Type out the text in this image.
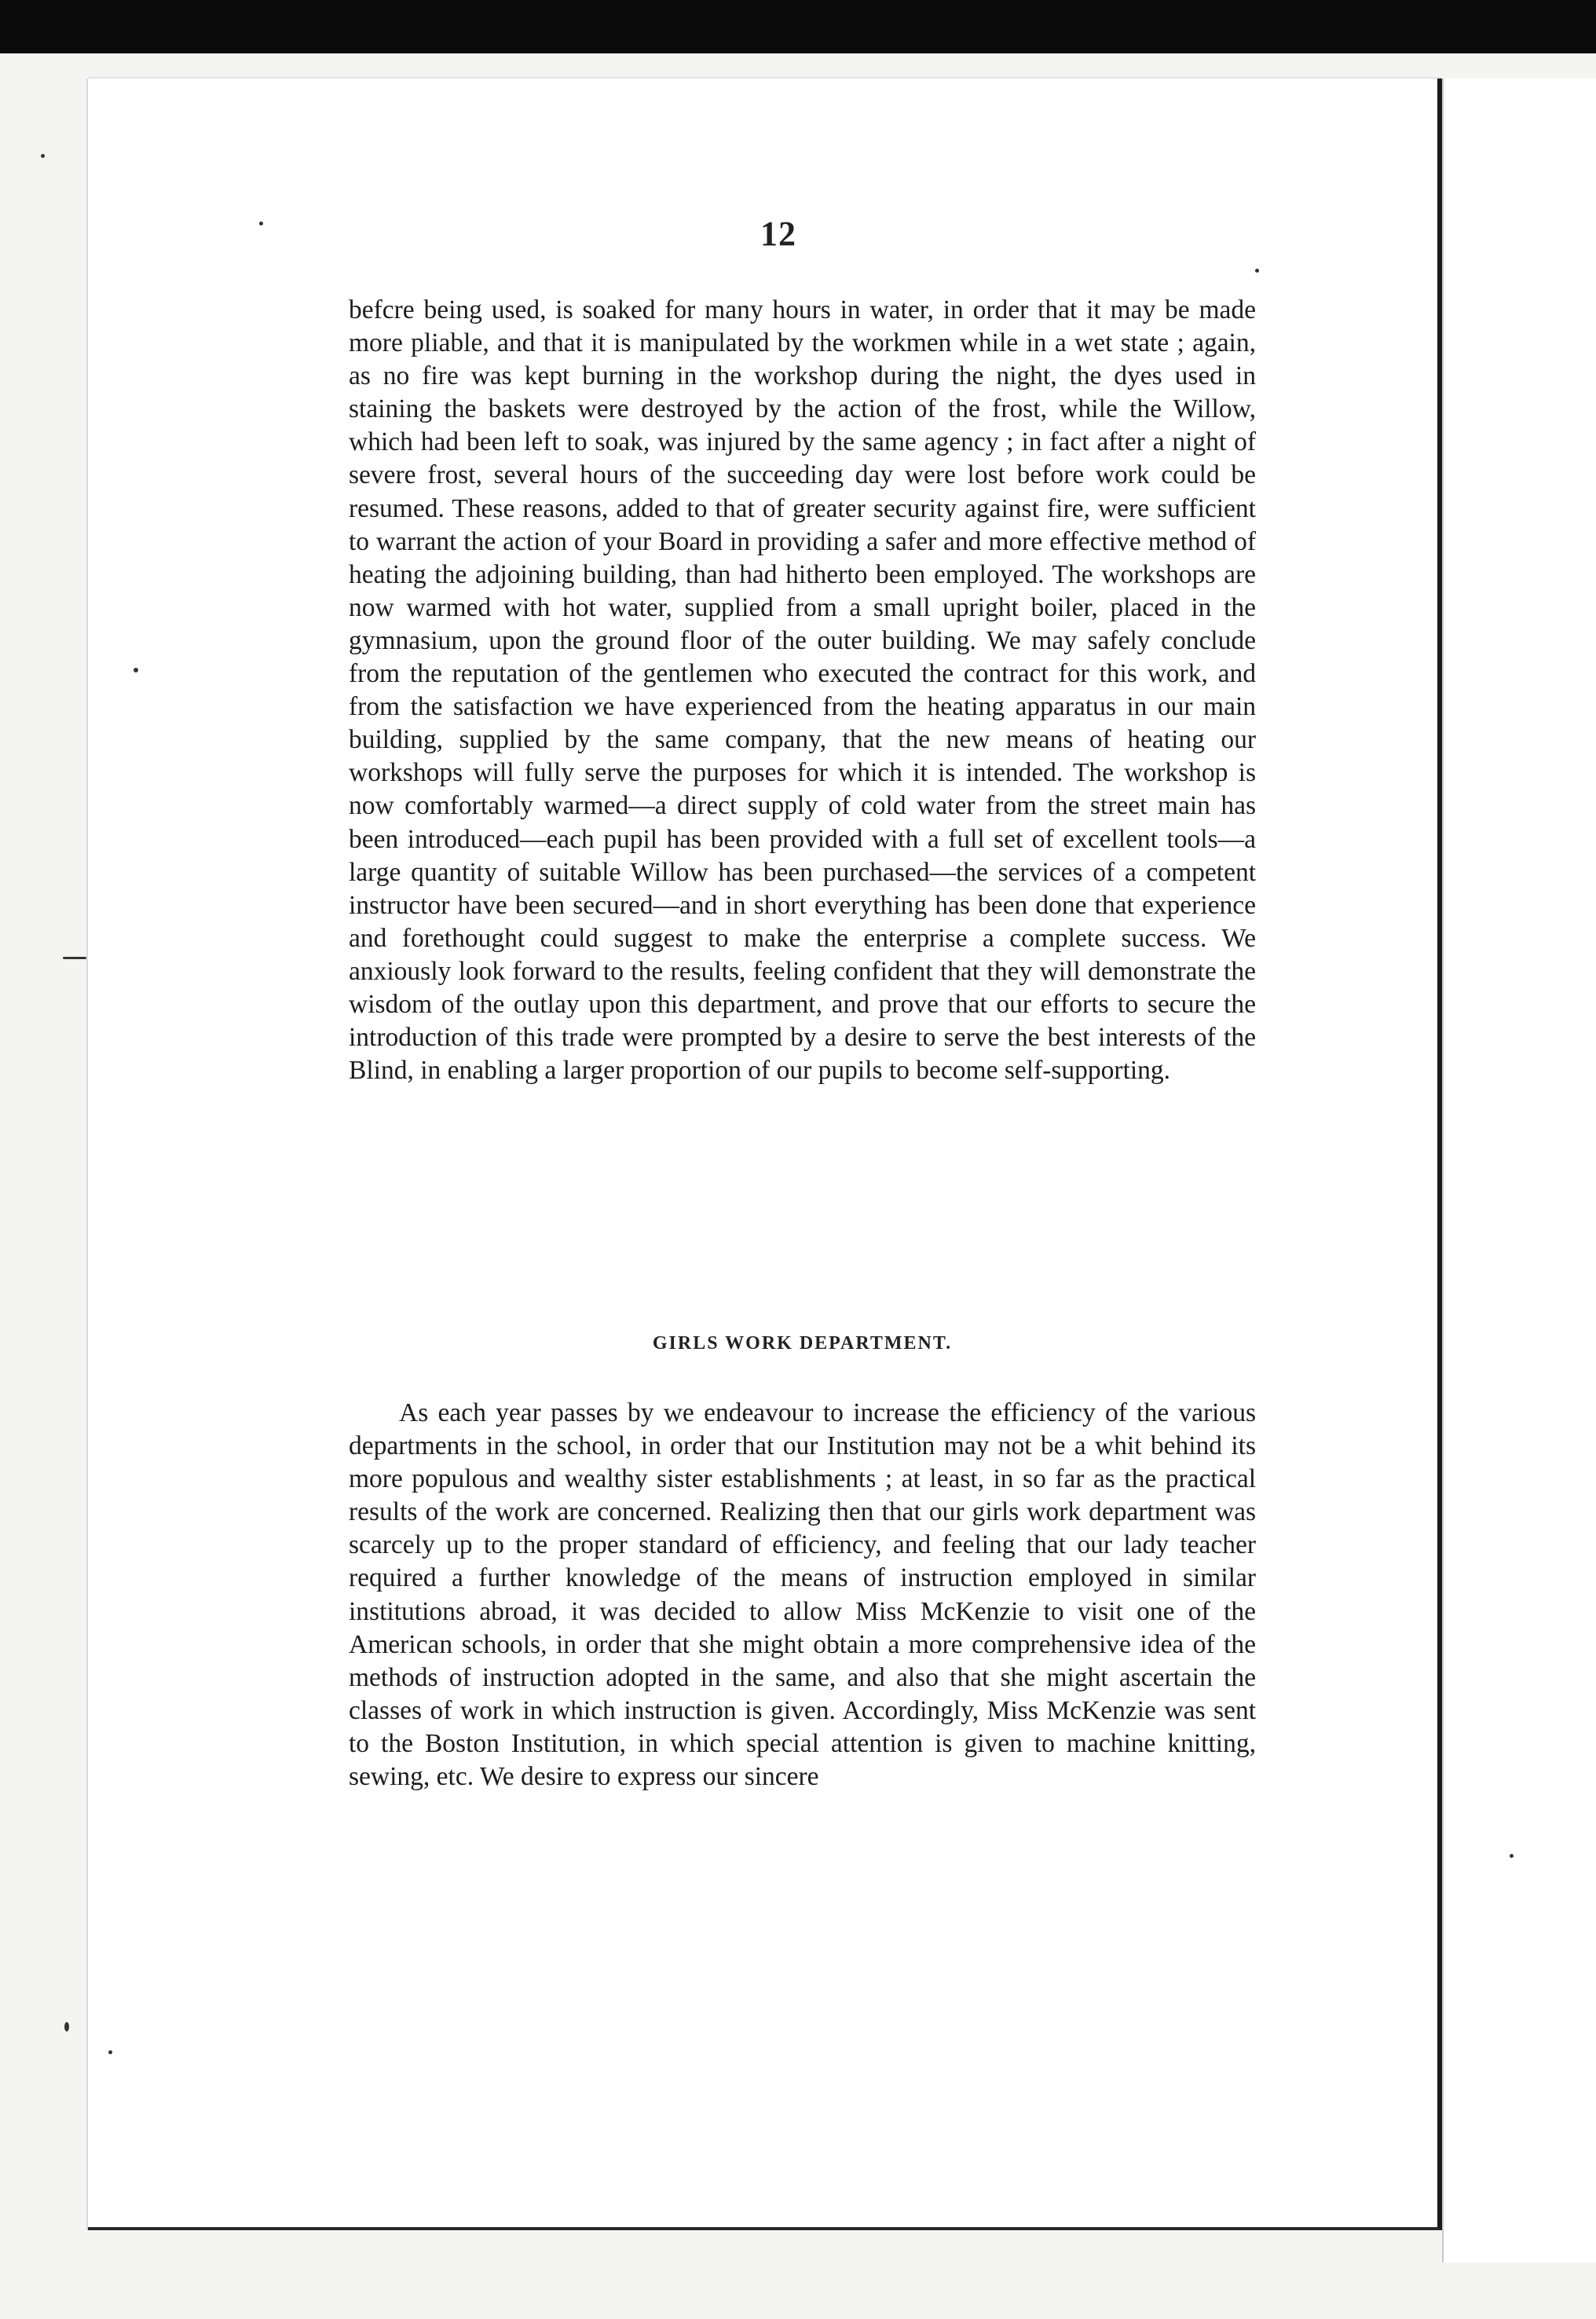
12

befcre being used, is soaked for many hours in water, in order that it may be made more pliable, and that it is manipulated by the workmen while in a wet state ; again, as no fire was kept burning in the workshop during the night, the dyes used in staining the baskets were destroyed by the action of the frost, while the Willow, which had been left to soak, was injured by the same agency ; in fact after a night of severe frost, several hours of the succeeding day were lost before work could be resumed. These reasons, added to that of greater security against fire, were sufficient to warrant the action of your Board in providing a safer and more effective method of heating the adjoining building, than had hitherto been employed. The workshops are now warmed with hot water, supplied from a small upright boiler, placed in the gymnasium, upon the ground floor of the outer building. We may safely conclude from the reputation of the gentlemen who executed the contract for this work, and from the satisfaction we have experienced from the heating apparatus in our main building, supplied by the same company, that the new means of heating our workshops will fully serve the purposes for which it is intended. The workshop is now comfortably warmed—a direct supply of cold water from the street main has been introduced—each pupil has been provided with a full set of excellent tools—a large quantity of suitable Willow has been purchased—the services of a competent instructor have been secured—and in short everything has been done that experience and forethought could suggest to make the enterprise a complete success. We anxiously look forward to the results, feeling confident that they will demonstrate the wisdom of the outlay upon this department, and prove that our efforts to secure the introduction of this trade were prompted by a desire to serve the best interests of the Blind, in enabling a larger proportion of our pupils to become self-supporting.

GIRLS WORK DEPARTMENT.

As each year passes by we endeavour to increase the efficiency of the various departments in the school, in order that our Institution may not be a whit behind its more populous and wealthy sister establishments ; at least, in so far as the practical results of the work are concerned. Realizing then that our girls work department was scarcely up to the proper standard of efficiency, and feeling that our lady teacher required a further knowledge of the means of instruction employed in similar institutions abroad, it was decided to allow Miss McKenzie to visit one of the American schools, in order that she might obtain a more comprehensive idea of the methods of instruction adopted in the same, and also that she might ascertain the classes of work in which instruction is given. Accordingly, Miss McKenzie was sent to the Boston Institution, in which special attention is given to machine knitting, sewing, etc. We desire to express our sincere
